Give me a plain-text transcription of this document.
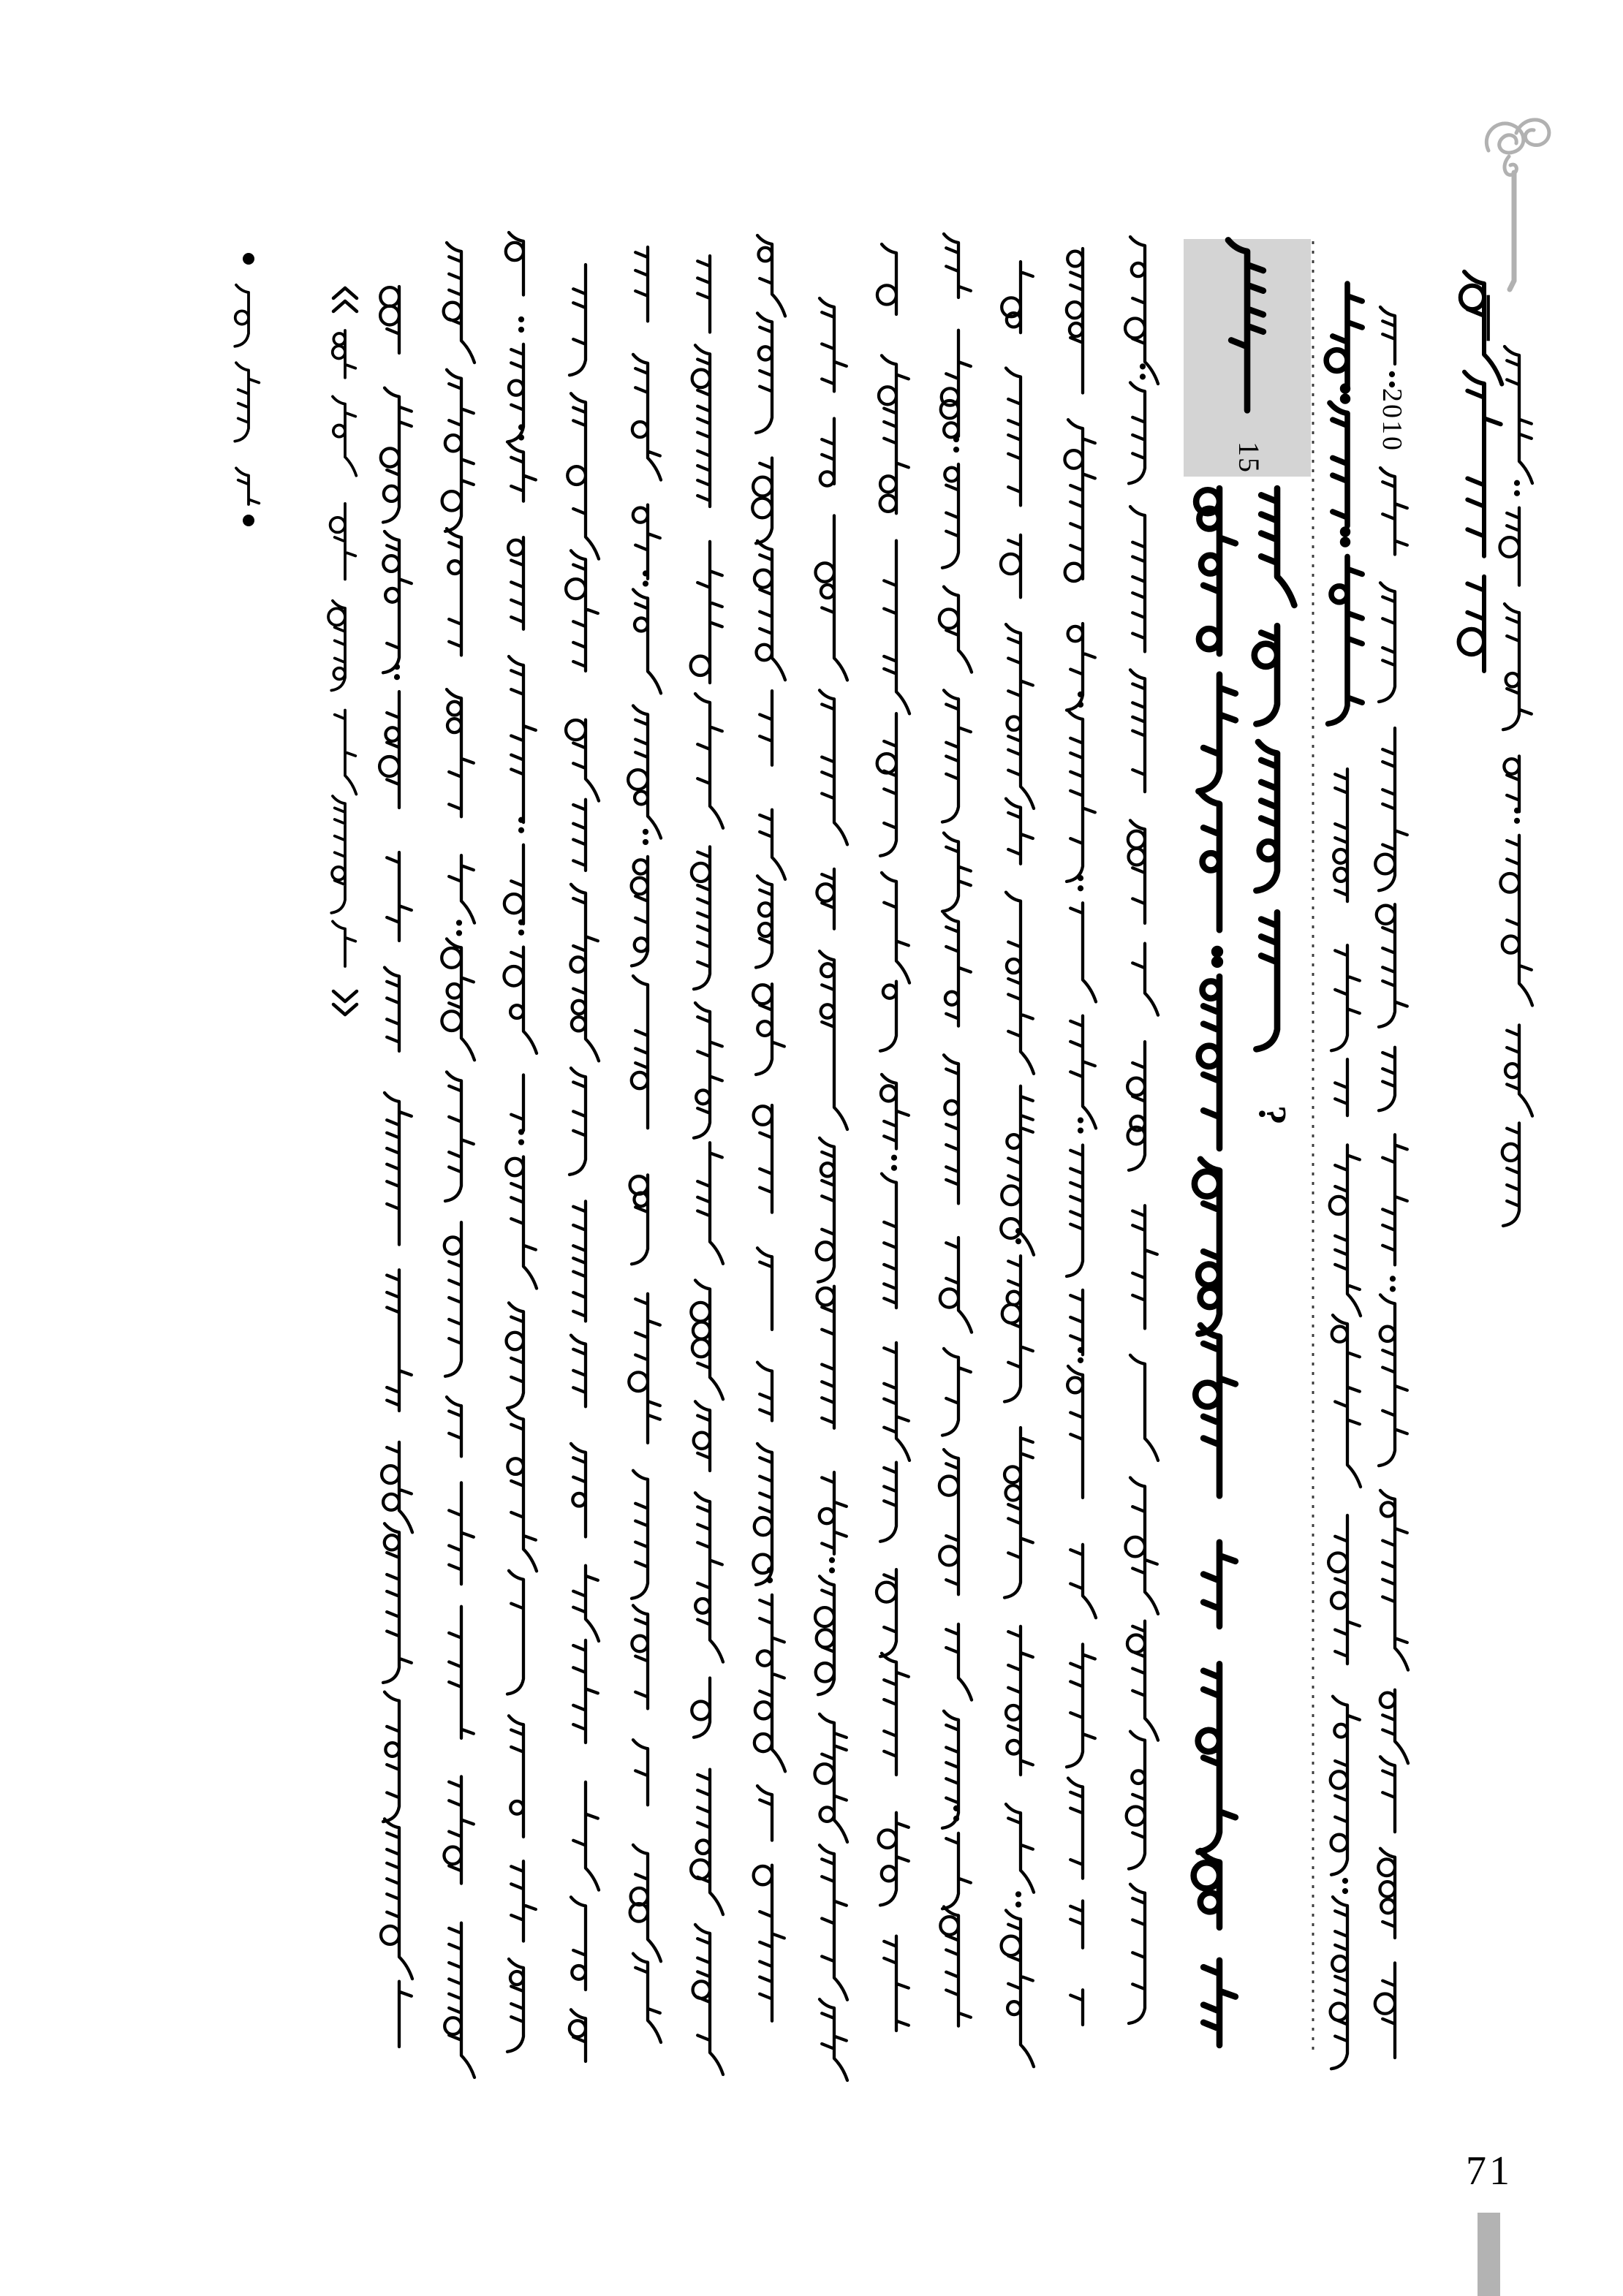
—
2010
15
?
71
